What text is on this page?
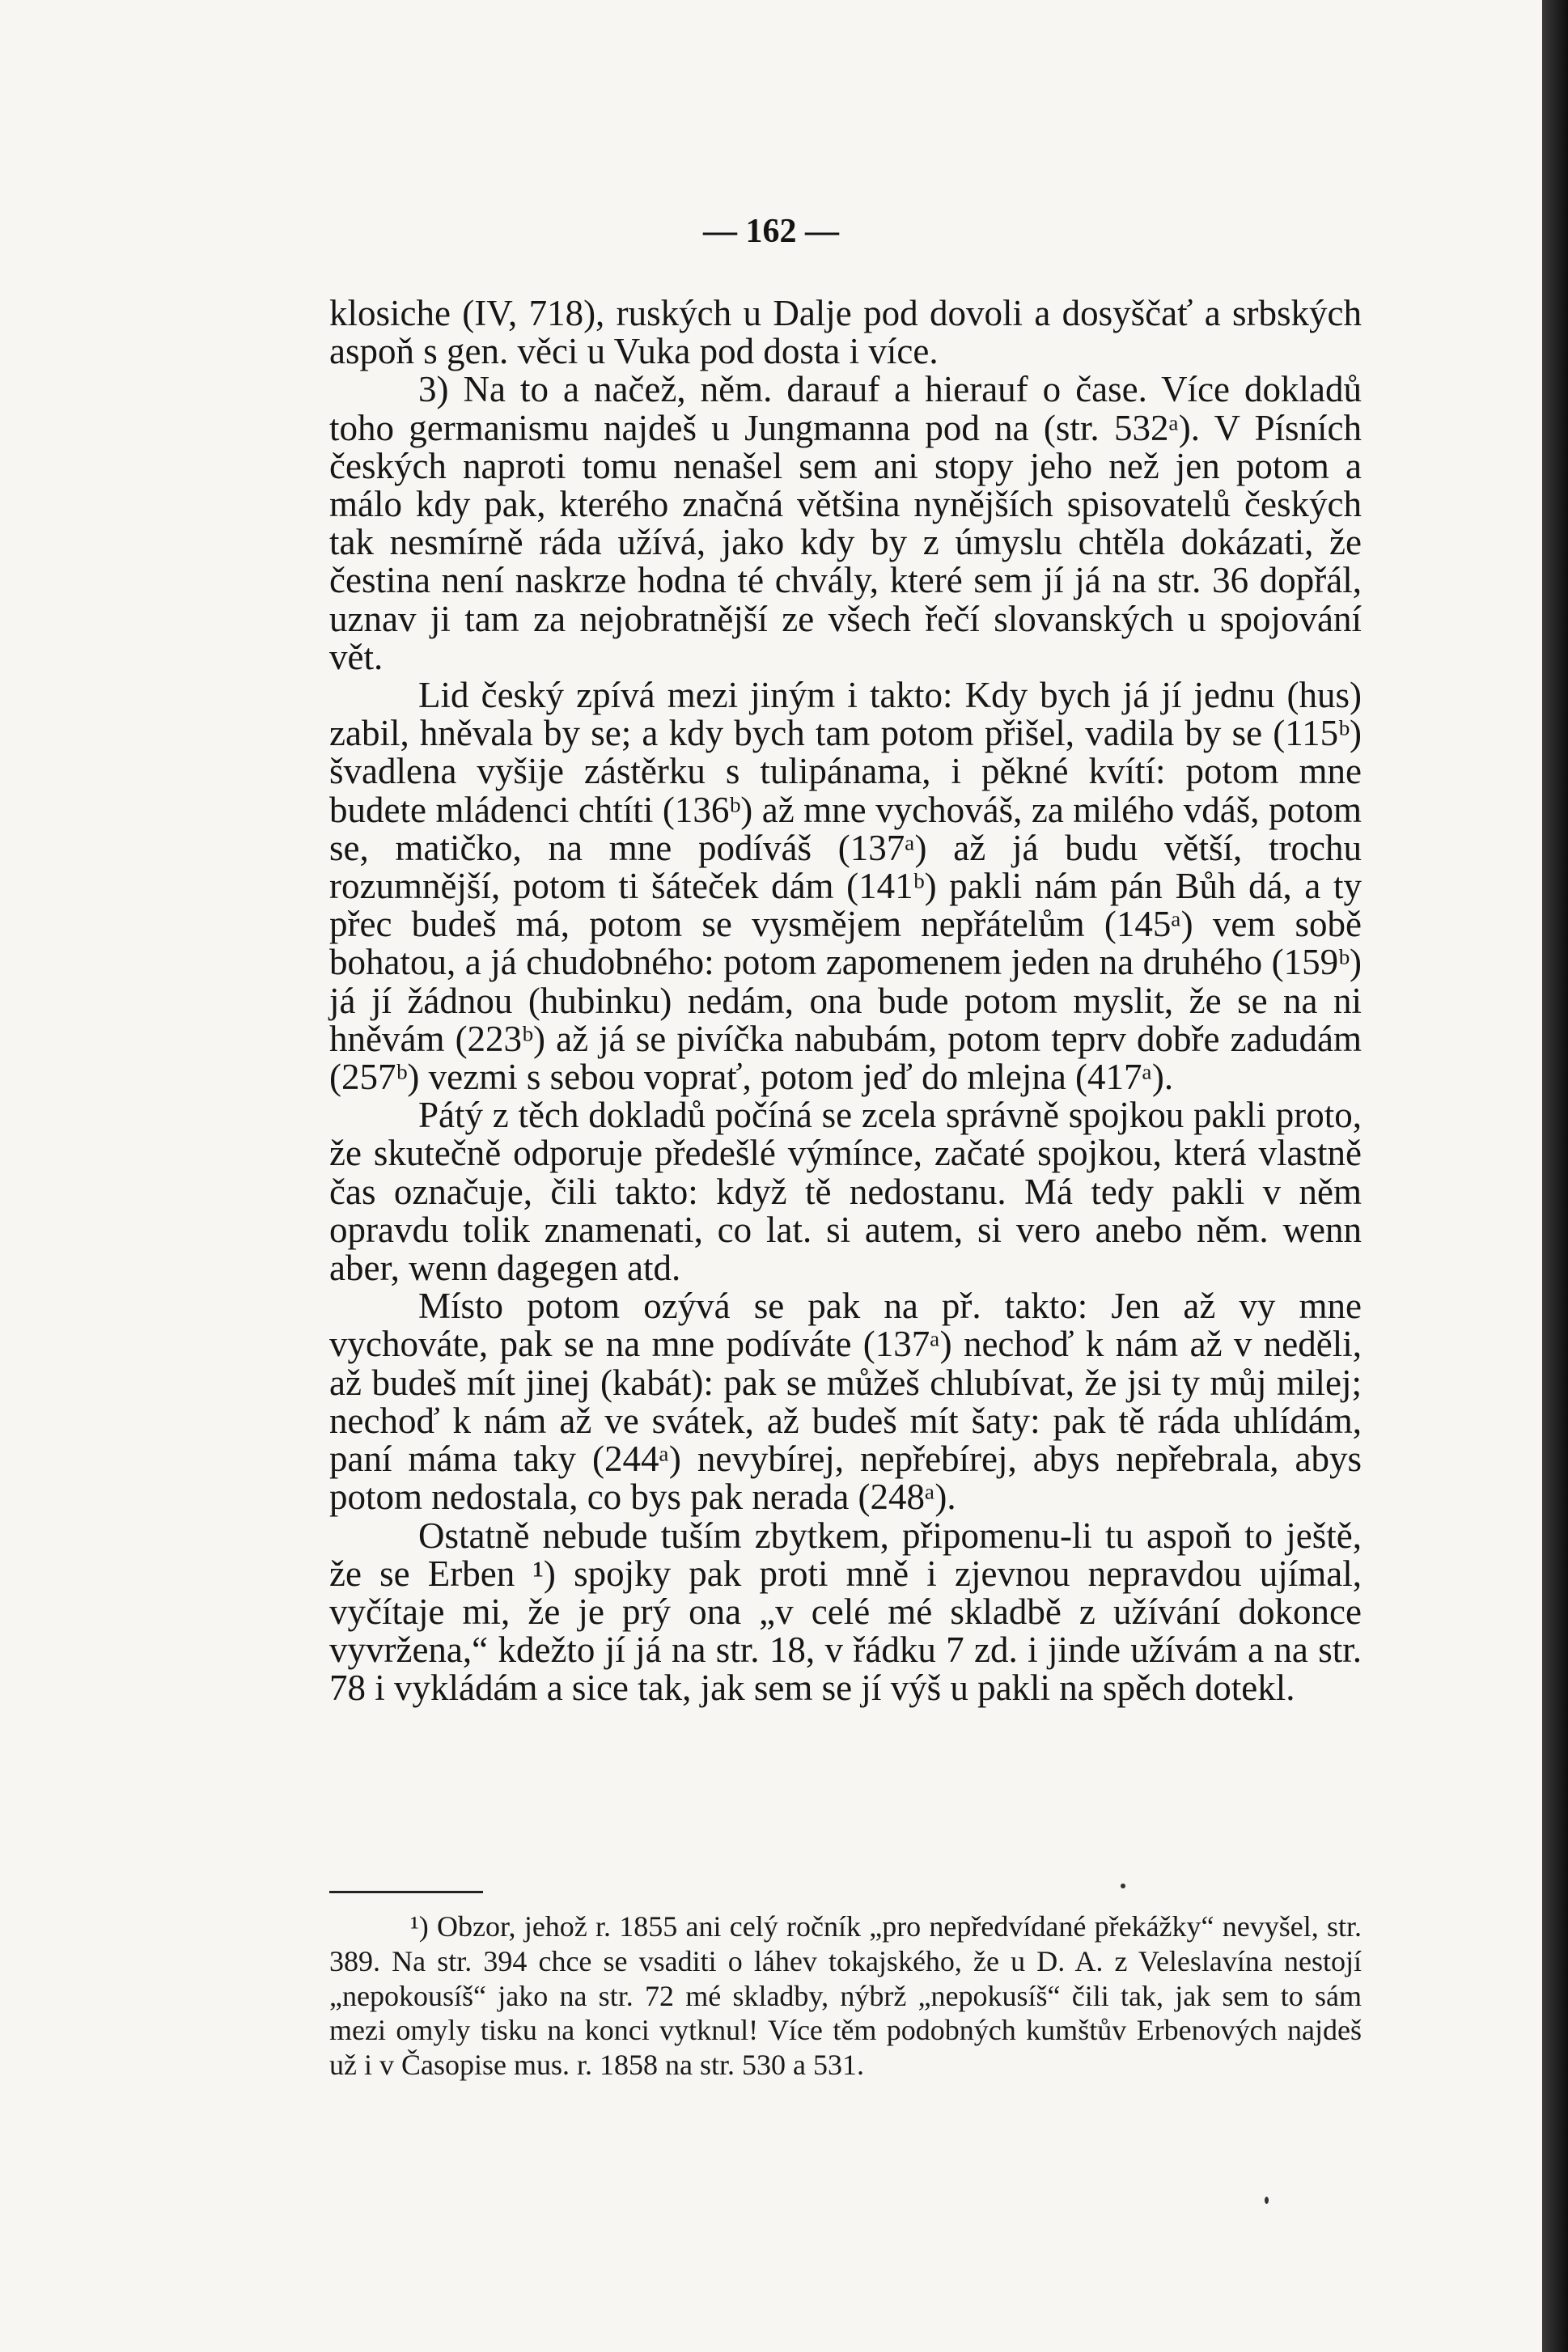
— 162 —

klosiche (IV, 718), ruských u Dalje pod dovoli a dosyščať a srbských aspoň s gen. věci u Vuka pod dosta i více.

3) Na to a načež, něm. darauf a hierauf o čase. Více dokladů toho germanismu najdeš u Jungmanna pod na (str. 532ᵃ). V Písních českých naproti tomu nenašel sem ani stopy jeho než jen potom a málo kdy pak, kterého značná většina nynějších spisovatelů českých tak nesmírně ráda užívá, jako kdy by z úmyslu chtěla dokázati, že čestina není naskrze hodna té chvály, které sem jí já na str. 36 dopřál, uznav ji tam za nejobratnější ze všech řečí slovanských u spojování vět.

Lid český zpívá mezi jiným i takto: Kdy bych já jí jednu (hus) zabil, hněvala by se; a kdy bych tam potom přišel, vadila by se (115ᵇ) švadlena vyšije zástěrku s tulipánama, i pěkné kvítí: potom mne budete mládenci chtíti (136ᵇ) až mne vychováš, za milého vdáš, potom se, matičko, na mne podíváš (137ᵃ) až já budu větší, trochu rozumnější, potom ti šáteček dám (141ᵇ) pakli nám pán Bůh dá, a ty přec budeš má, potom se vysmějem nepřátelům (145ᵃ) vem sobě bohatou, a já chudobného: potom zapomenem jeden na druhého (159ᵇ) já jí žádnou (hubinku) nedám, ona bude potom myslit, že se na ni hněvám (223ᵇ) až já se pivíčka nabubám, potom teprv dobře zadudám (257ᵇ) vezmi s sebou voprať, potom jeď do mlejna (417ᵃ).

Pátý z těch dokladů počíná se zcela správně spojkou pakli proto, že skutečně odporuje předešlé výmínce, začaté spojkou, která vlastně čas označuje, čili takto: když tě nedostanu. Má tedy pakli v něm opravdu tolik znamenati, co lat. si autem, si vero anebo něm. wenn aber, wenn dagegen atd.

Místo potom ozývá se pak na př. takto: Jen až vy mne vychováte, pak se na mne podíváte (137ᵃ) nechoď k nám až v neděli, až budeš mít jinej (kabát): pak se můžeš chlubívat, že jsi ty můj milej; nechoď k nám až ve svátek, až budeš mít šaty: pak tě ráda uhlídám, paní máma taky (244ᵃ) nevybírej, nepřebírej, abys nepřebrala, abys potom nedostala, co bys pak nerada (248ᵃ).

Ostatně nebude tuším zbytkem, připomenu-li tu aspoň to ještě, že se Erben ¹) spojky pak proti mně i zjevnou nepravdou ujímal, vyčítaje mi, že je prý ona „v celé mé skladbě z užívání dokonce vyvržena,“ kdežto jí já na str. 18, v řádku 7 zd. i jinde užívám a na str. 78 i vykládám a sice tak, jak sem se jí výš u pakli na spěch dotekl.

¹) Obzor, jehož r. 1855 ani celý ročník „pro nepředvídané překážky“ nevyšel, str. 389. Na str. 394 chce se vsaditi o láhev tokajského, že u D. A. z Veleslavína nestojí „nepokousíš“ jako na str. 72 mé skladby, nýbrž „nepokusíš“ čili tak, jak sem to sám mezi omyly tisku na konci vytknul! Více těm podobných kumštův Erbenových najdeš už i v Časopise mus. r. 1858 na str. 530 a 531.
